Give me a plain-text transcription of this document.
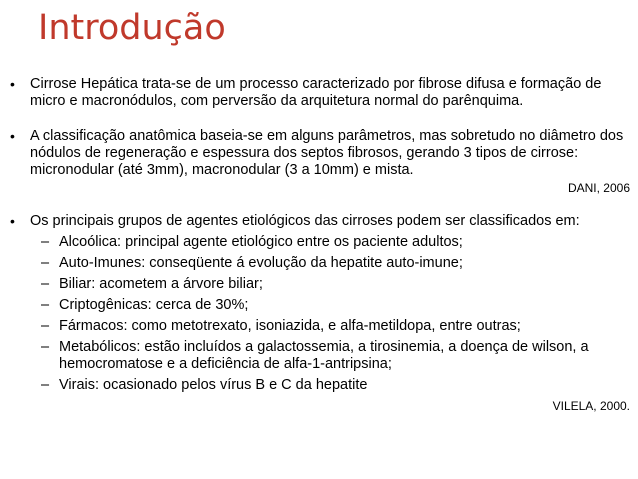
Introdução
• Cirrose Hepática trata-se de um processo caracterizado por fibrose difusa e formação de micro e macronódulos, com perversão da arquitetura normal do parênquima.
• A classificação anatômica baseia-se em alguns parâmetros, mas sobretudo no diâmetro dos nódulos de regeneração e espessura dos septos fibrosos, gerando 3 tipos de cirrose: micronodular (até 3mm), macronodular (3 a 10mm) e mista.
DANI, 2006
• Os principais grupos de agentes etiológicos das cirroses podem ser classificados em:
– Alcoólica: principal agente etiológico entre os paciente adultos;
– Auto-Imunes: conseqüente á evolução da hepatite auto-imune;
– Biliar: acometem a árvore biliar;
– Criptogênicas: cerca de 30%;
– Fármacos: como metotrexato, isoniazida, e alfa-metildopa, entre outras;
– Metabólicos: estão incluídos a galactossemia, a tirosinemia, a doença de wilson, a hemocromatose e a deficiência de alfa-1-antripsina;
– Virais: ocasionado pelos vírus B e C da hepatite
VILELA, 2000.
